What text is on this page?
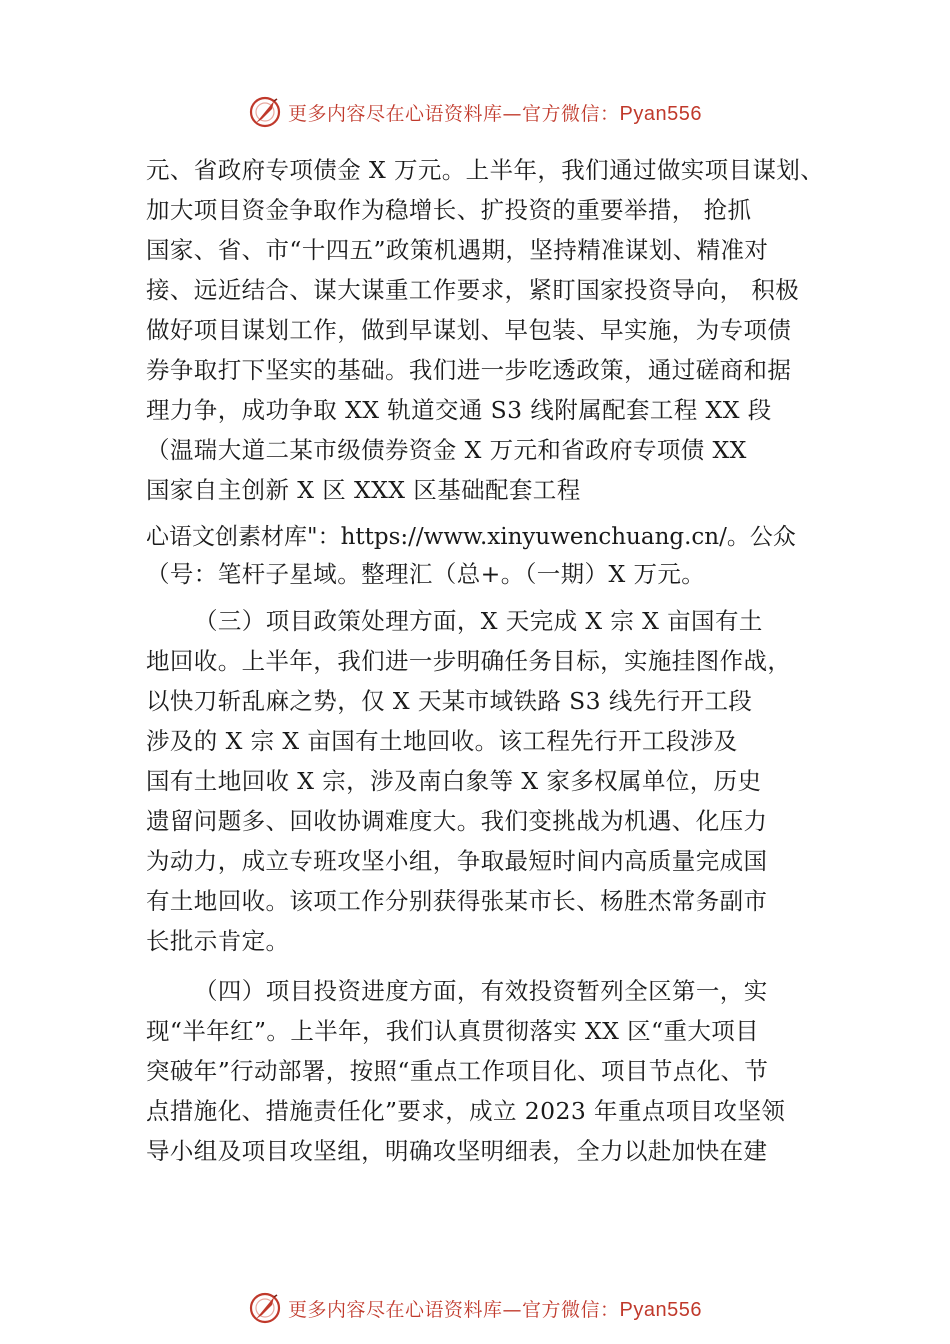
更多内容尽在心语资料库—官方微信：Pyan556
元、省政府专项债金 X 万元。上半年，我们通过做实项目谋划、
加大项目资金争取作为稳增长、扩投资的重要举措， 抢抓
国家、省、市“十四五”政策机遇期，坚持精准谋划、精准对
接、远近结合、谋大谋重工作要求，紧盯国家投资导向， 积极
做好项目谋划工作，做到早谋划、早包装、早实施，为专项债
券争取打下坚实的基础。我们进一步吃透政策，通过磋商和据
理力争，成功争取 XX 轨道交通 S3 线附属配套工程 XX 段
（温瑞大道二某市级债券资金 X 万元和省政府专项债 XX
国家自主创新 X 区 XXX 区基础配套工程
心语文创素材库"：https://www.xinyuwenchuang.cn/。公众
（号：笔杆子星域。整理汇（总+。（一期）X 万元。
（三）项目政策处理方面，X 天完成 X 宗 X 亩国有土
地回收。上半年，我们进一步明确任务目标，实施挂图作战，
以快刀斩乱麻之势，仅 X 天某市域铁路 S3 线先行开工段
涉及的 X 宗 X 亩国有土地回收。该工程先行开工段涉及
国有土地回收 X 宗，涉及南白象等 X 家多权属单位，历史
遗留问题多、回收协调难度大。我们变挑战为机遇、化压力
为动力，成立专班攻坚小组，争取最短时间内高质量完成国
有土地回收。该项工作分别获得张某市长、杨胜杰常务副市
长批示肯定。
（四）项目投资进度方面，有效投资暂列全区第一，实
现“半年红”。上半年，我们认真贯彻落实 XX 区“重大项目
突破年”行动部署，按照“重点工作项目化、项目节点化、节
点措施化、措施责任化”要求，成立 2023 年重点项目攻坚领
导小组及项目攻坚组，明确攻坚明细表，全力以赴加快在建
更多内容尽在心语资料库—官方微信：Pyan556
